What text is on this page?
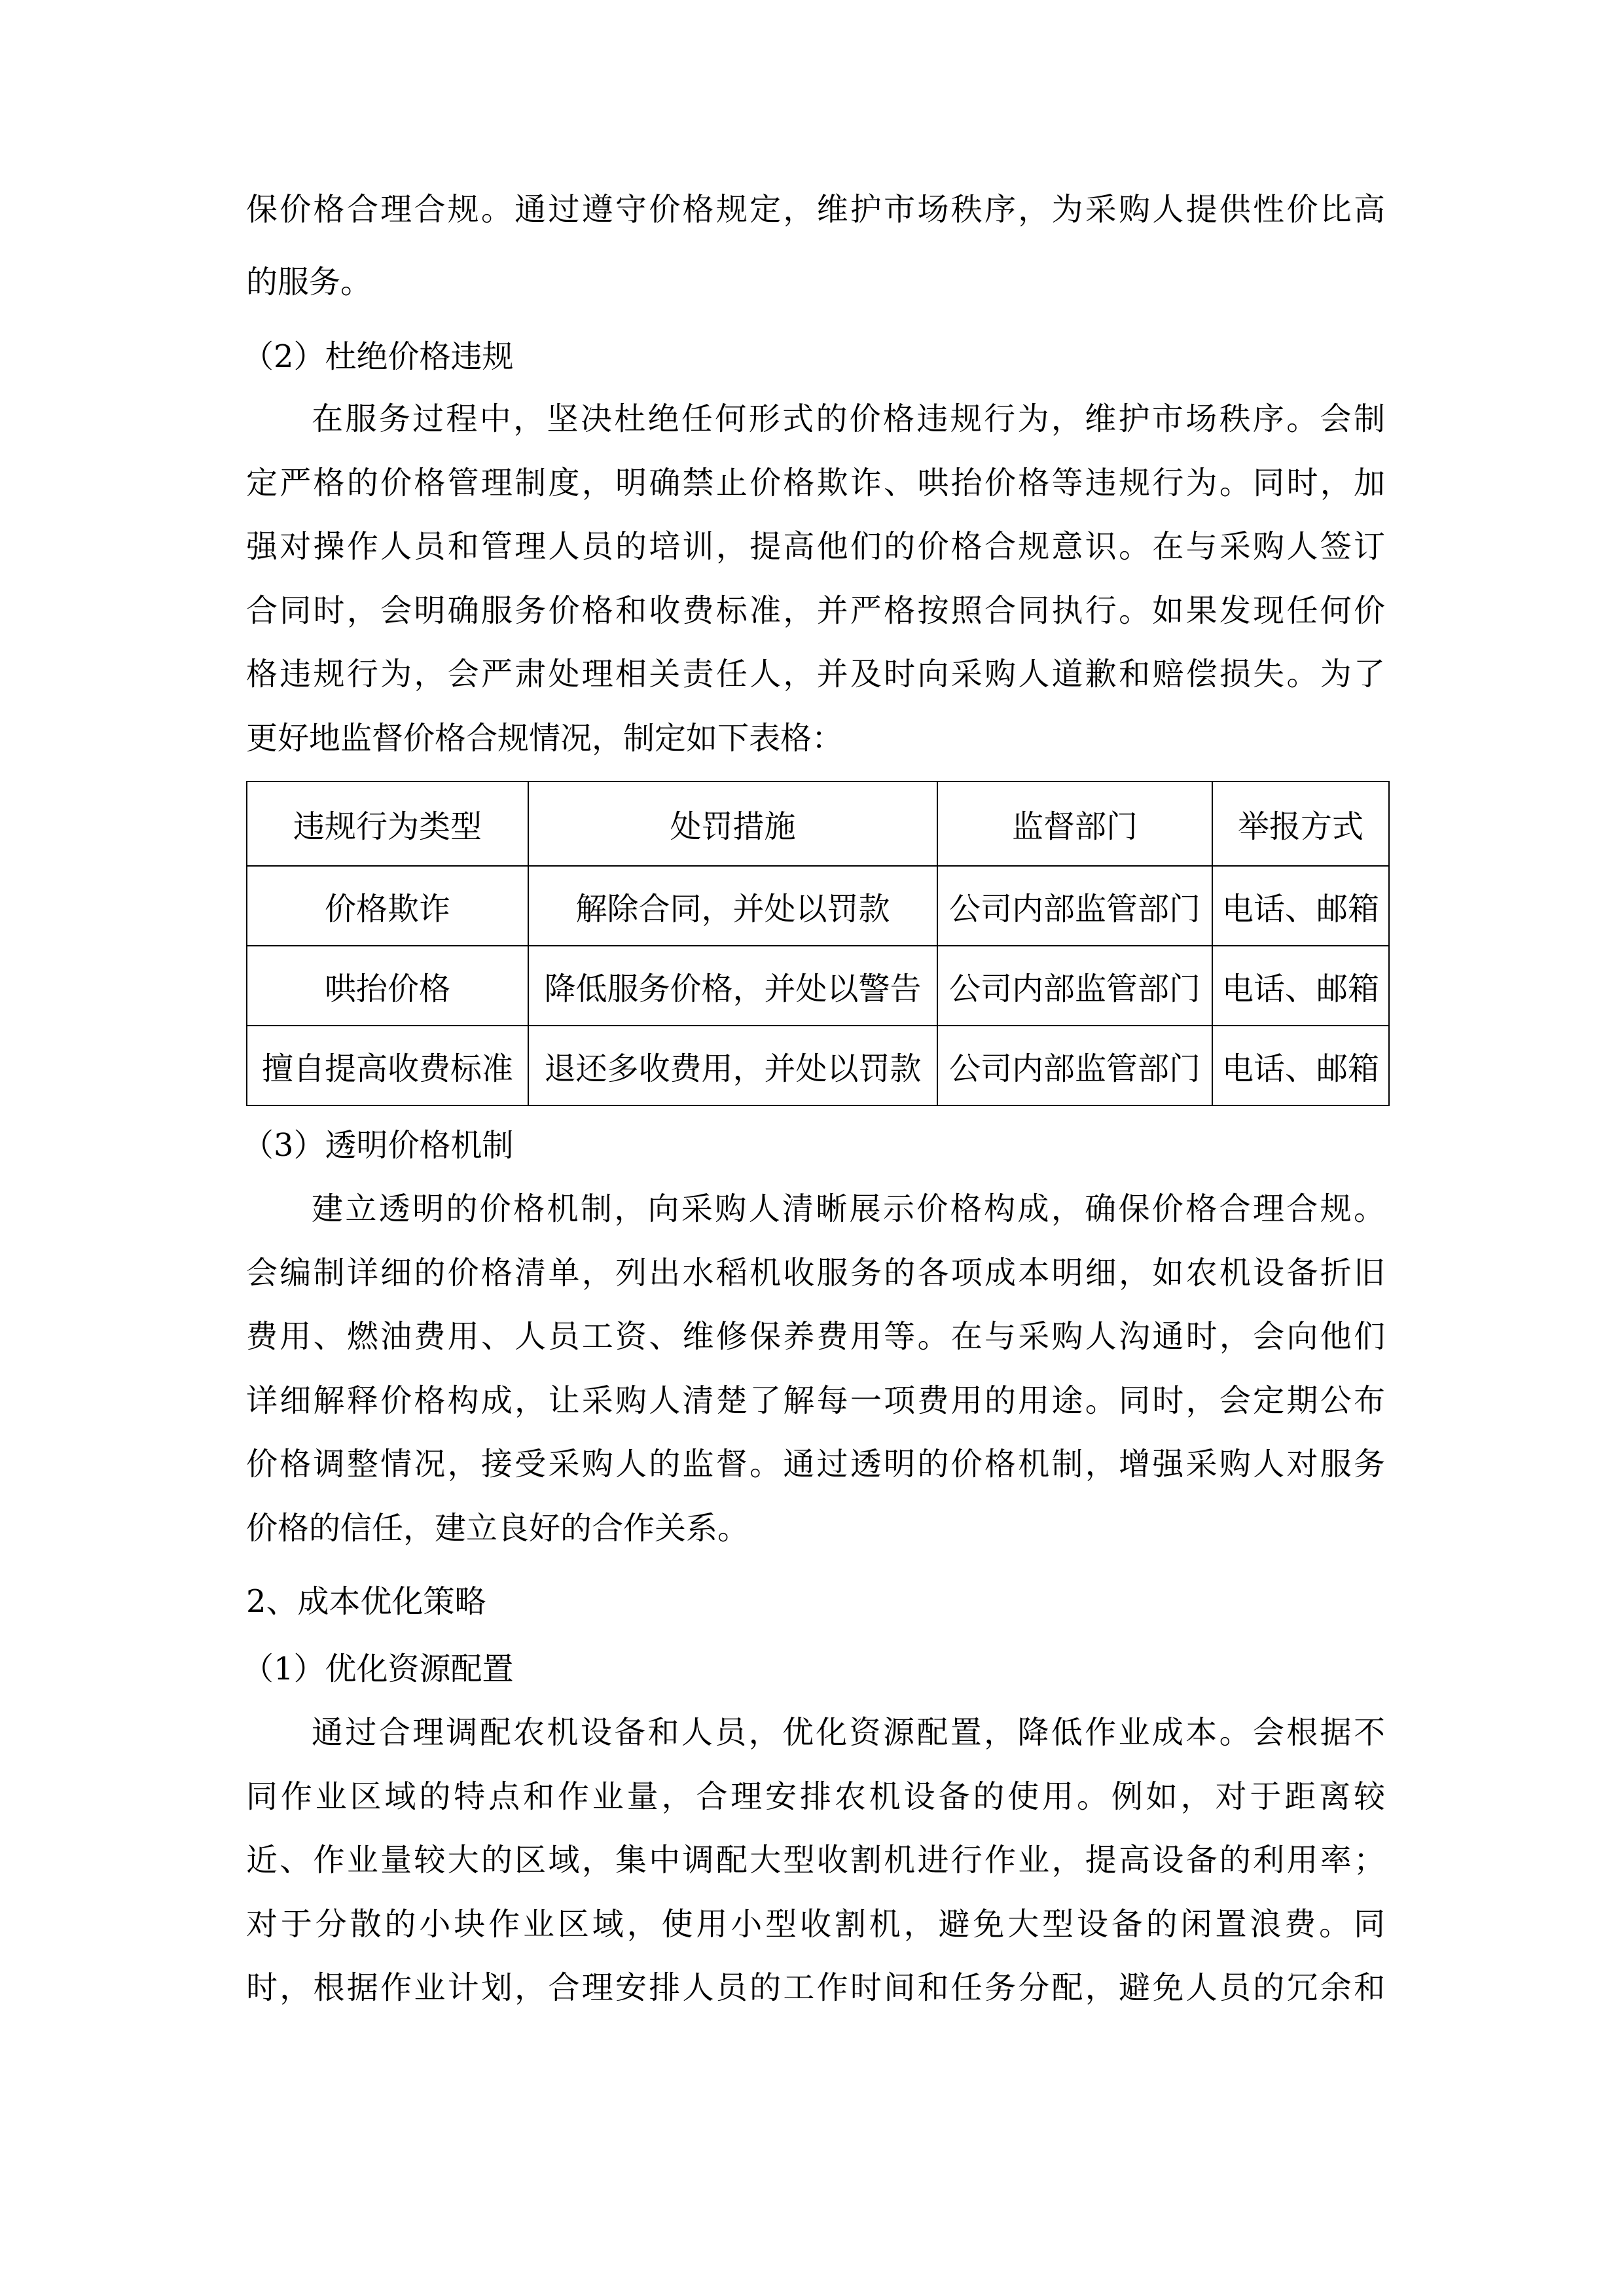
保价格合理合规。通过遵守价格规定，维护市场秩序，为采购人提供性价比高
的服务。
（2）杜绝价格违规
在服务过程中，坚决杜绝任何形式的价格违规行为，维护市场秩序。会制
定严格的价格管理制度，明确禁止价格欺诈、哄抬价格等违规行为。同时，加
强对操作人员和管理人员的培训，提高他们的价格合规意识。在与采购人签订
合同时，会明确服务价格和收费标准，并严格按照合同执行。如果发现任何价
格违规行为，会严肃处理相关责任人，并及时向采购人道歉和赔偿损失。为了
更好地监督价格合规情况，制定如下表格：
违规行为类型	处罚措施	监督部门	举报方式
价格欺诈	解除合同，并处以罚款	公司内部监管部门	电话、邮箱
哄抬价格	降低服务价格，并处以警告	公司内部监管部门	电话、邮箱
擅自提高收费标准	退还多收费用，并处以罚款	公司内部监管部门	电话、邮箱
（3）透明价格机制
建立透明的价格机制，向采购人清晰展示价格构成，确保价格合理合规。
会编制详细的价格清单，列出水稻机收服务的各项成本明细，如农机设备折旧
费用、燃油费用、人员工资、维修保养费用等。在与采购人沟通时，会向他们
详细解释价格构成，让采购人清楚了解每一项费用的用途。同时，会定期公布
价格调整情况，接受采购人的监督。通过透明的价格机制，增强采购人对服务
价格的信任，建立良好的合作关系。
2、成本优化策略
（1）优化资源配置
通过合理调配农机设备和人员，优化资源配置，降低作业成本。会根据不
同作业区域的特点和作业量，合理安排农机设备的使用。例如，对于距离较
近、作业量较大的区域，集中调配大型收割机进行作业，提高设备的利用率；
对于分散的小块作业区域，使用小型收割机，避免大型设备的闲置浪费。同
时，根据作业计划，合理安排人员的工作时间和任务分配，避免人员的冗余和
